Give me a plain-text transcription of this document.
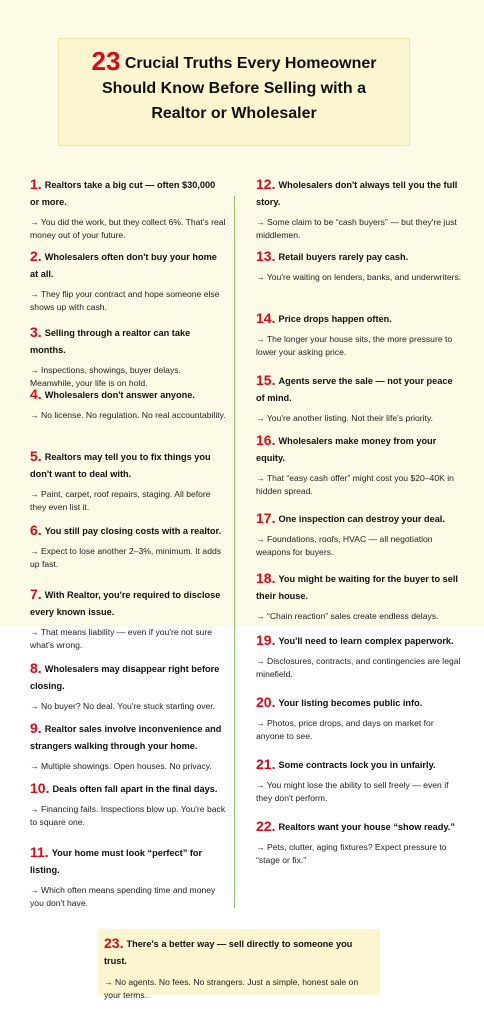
23 Crucial Truths Every Homeowner
Should Know Before Selling with a
Realtor or Wholesaler
1. Realtors take a big cut — often $30,000 or more.
→ You did the work, but they collect 6%. That's real money out of your future.
2. Wholesalers often don't buy your home at all.
→ They flip your contract and hope someone else shows up with cash.
3. Selling through a realtor can take months.
→ Inspections, showings, buyer delays. Meanwhile, your life is on hold.
4. Wholesalers don't answer anyone.
→ No license. No regulation. No real accountability.
5. Realtors may tell you to fix things you don't want to deal with.
→ Paint, carpet, roof repairs, staging. All before they even list it.
6. You still pay closing costs with a realtor.
→ Expect to lose another 2–3%, minimum. It adds up fast.
7. With Realtor, you're required to disclose every known issue.
→ That means liability — even if you're not sure what's wrong.
8. Wholesalers may disappear right before closing.
→ No buyer? No deal. You're stuck starting over.
9. Realtor sales involve inconvenience and strangers walking through your home.
→ Multiple showings. Open houses. No privacy.
10. Deals often fall apart in the final days.
→ Financing fails. Inspections blow up. You're back to square one.
11. Your home must look “perfect” for listing.
→ Which often means spending time and money you don't have.
12. Wholesalers don't always tell you the full story.
→ Some claim to be “cash buyers” — but they're just middlemen.
13. Retail buyers rarely pay cash.
→ You're waiting on lenders, banks, and underwriters.
14. Price drops happen often.
→ The longer your house sits, the more pressure to lower your asking price.
15. Agents serve the sale — not your peace of mind.
→ You're another listing. Not their life's priority.
16. Wholesalers make money from your equity.
→ That “easy cash offer” might cost you $20–40K in hidden spread.
17. One inspection can destroy your deal.
→ Foundations, roofs, HVAC — all negotiation weapons for buyers.
18. You might be waiting for the buyer to sell their house.
→ “Chain reaction” sales create endless delays.
19. You'll need to learn complex paperwork.
→ Disclosures, contracts, and contingencies are legal minefield.
20. Your listing becomes public info.
→ Photos, price drops, and days on market for anyone to see.
21. Some contracts lock you in unfairly.
→ You might lose the ability to sell freely — even if they don't perform.
22. Realtors want your house “show ready.”
→ Pets, clutter, aging fixtures? Expect pressure to “stage or fix.”
23. There's a better way — sell directly to someone you trust.
→ No agents. No fees. No strangers. Just a simple, honest sale on your terms.
